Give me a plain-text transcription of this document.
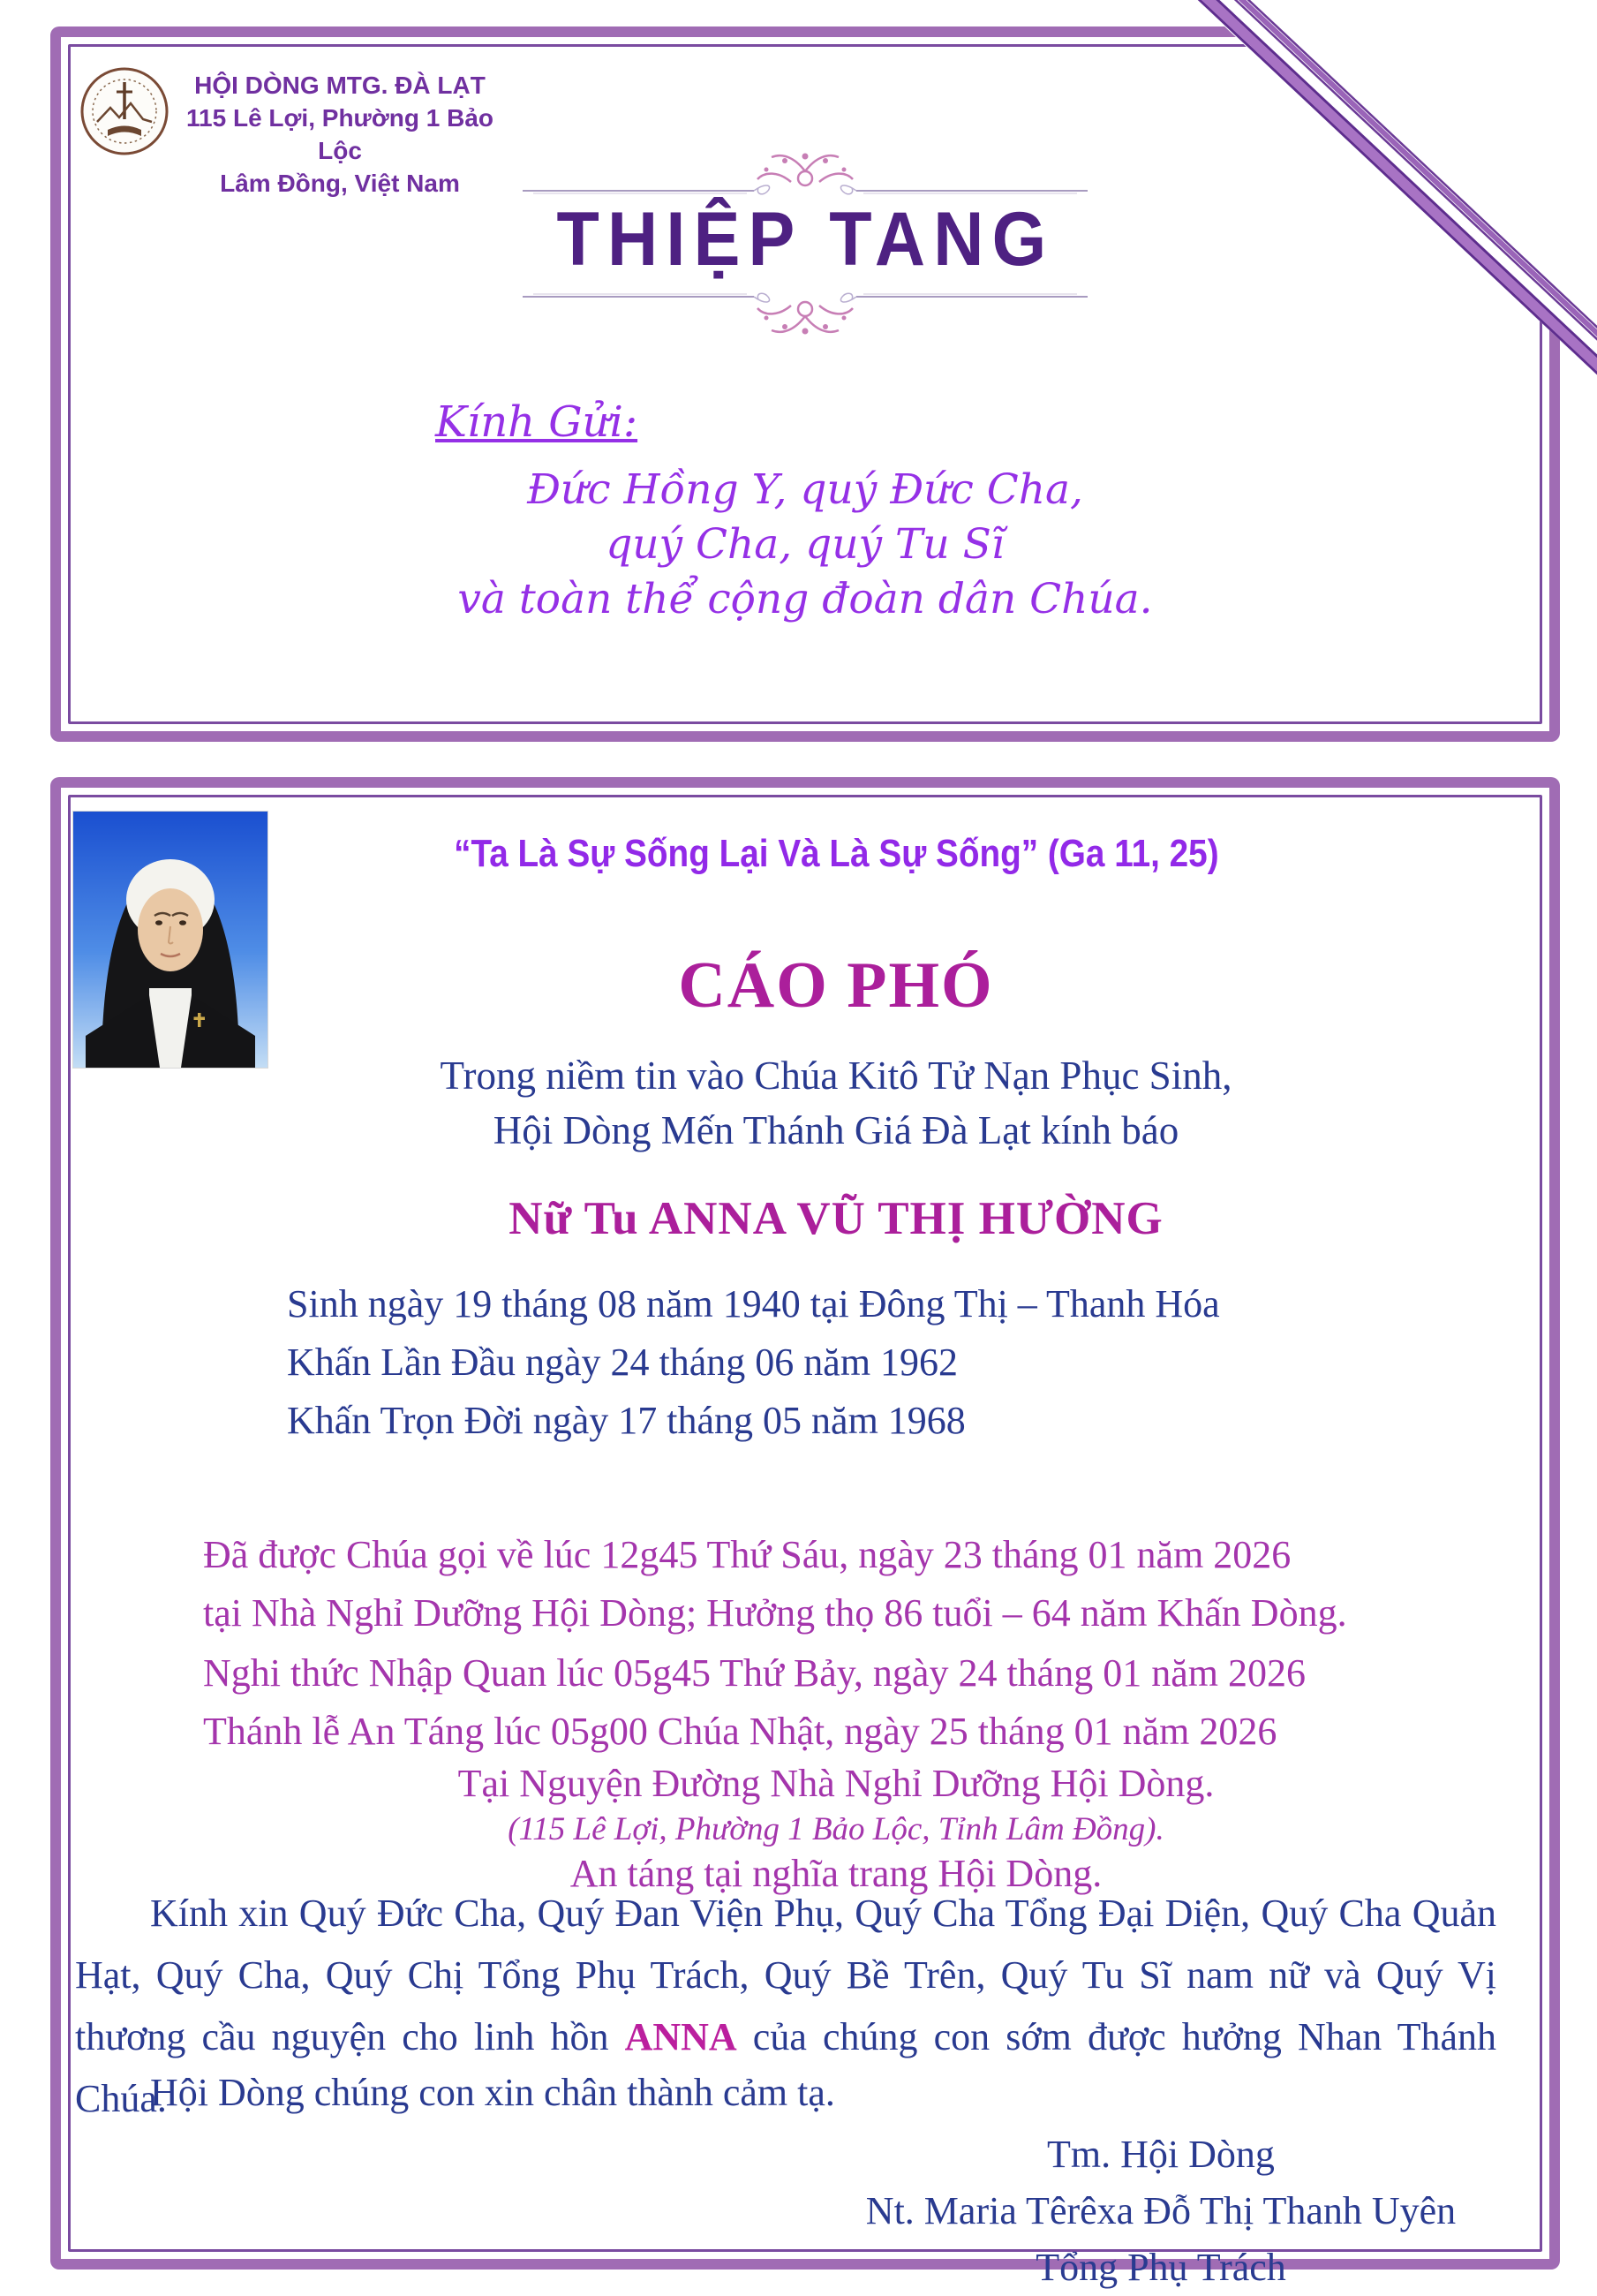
HỘI DÒNG MTG. ĐÀ LẠT
115 Lê Lợi, Phường 1 Bảo Lộc
Lâm Đồng, Việt Nam
THIỆP TANG
Kính Gửi:
Đức Hồng Y, quý Đức Cha,
quý Cha, quý Tu Sĩ
và toàn thể cộng đoàn dân Chúa.
“Ta Là Sự Sống Lại Và Là Sự Sống” (Ga 11, 25)
CÁO PHÓ
Trong niềm tin vào Chúa Kitô Tử Nạn Phục Sinh,
Hội Dòng Mến Thánh Giá Đà Lạt kính báo
Nữ Tu ANNA VŨ THỊ HƯỜNG
Sinh ngày 19 tháng 08 năm 1940 tại Đông Thị – Thanh Hóa
Khấn Lần Đầu ngày 24 tháng 06 năm 1962
Khấn Trọn Đời ngày 17 tháng 05 năm 1968
Đã được Chúa gọi về lúc 12g45 Thứ Sáu, ngày 23 tháng 01 năm 2026
tại Nhà Nghỉ Dưỡng Hội Dòng; Hưởng thọ 86 tuổi – 64 năm Khấn Dòng.
Nghi thức Nhập Quan lúc 05g45 Thứ Bảy, ngày 24 tháng 01 năm 2026
Thánh lễ An Táng lúc 05g00 Chúa Nhật, ngày 25 tháng 01 năm 2026
Tại Nguyện Đường Nhà Nghỉ Dưỡng Hội Dòng.
(115 Lê Lợi, Phường 1 Bảo Lộc, Tỉnh Lâm Đồng).
An táng tại nghĩa trang Hội Dòng.
Kính xin Quý Đức Cha, Quý Đan Viện Phụ, Quý Cha Tổng Đại Diện, Quý Cha Quản Hạt, Quý Cha, Quý Chị Tổng Phụ Trách, Quý Bề Trên, Quý Tu Sĩ nam nữ và Quý Vị thương cầu nguyện cho linh hồn ANNA của chúng con sớm được hưởng Nhan Thánh Chúa.
Hội Dòng chúng con xin chân thành cảm tạ.
Tm. Hội Dòng
Nt. Maria Têrêxa Đỗ Thị Thanh Uyên
Tổng Phụ Trách
